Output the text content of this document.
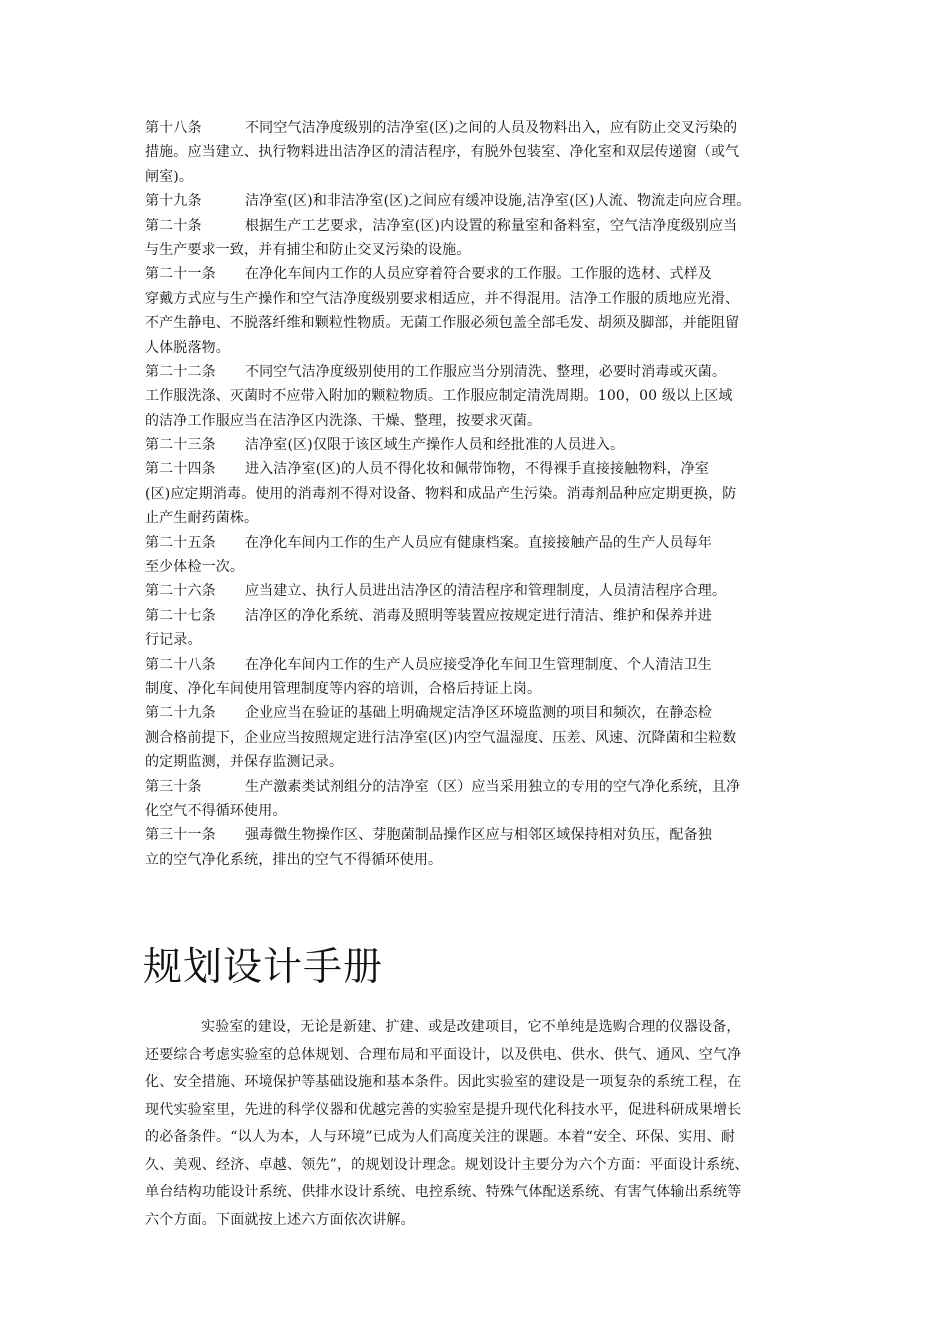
第十八条	不同空气洁净度级别的洁净室(区)之间的人员及物料出入，应有防止交叉污染的
措施。应当建立、执行物料进出洁净区的清洁程序，有脱外包装室、净化室和双层传递窗（或气
闸室)。
第十九条	洁净室(区)和非洁净室(区)之间应有缓冲设施,洁净室(区)人流、物流走向应合理。
第二十条	根据生产工艺要求，洁净室(区)内设置的称量室和备料室，空气洁净度级别应当
与生产要求一致，并有捕尘和防止交叉污染的设施。
第二十一条 在净化车间内工作的人员应穿着符合要求的工作服。工作服的选材、式样及
穿戴方式应与生产操作和空气洁净度级别要求相适应，并不得混用。洁净工作服的质地应光滑、
不产生静电、不脱落纤维和颗粒性物质。无菌工作服必须包盖全部毛发、胡须及脚部，并能阻留
人体脱落物。
第二十二条 不同空气洁净度级别使用的工作服应当分别清洗、整理，必要时消毒或灭菌。
工作服洗涤、灭菌时不应带入附加的颗粒物质。工作服应制定清洗周期。100，00 级以上区域
的洁净工作服应当在洁净区内洗涤、干燥、整理，按要求灭菌。
第二十三条 洁净室(区)仅限于该区域生产操作人员和经批准的人员进入。
第二十四条 进入洁净室(区)的人员不得化妆和佩带饰物，不得裸手直接接触物料，净室
(区)应定期消毒。使用的消毒剂不得对设备、物料和成品产生污染。消毒剂品种应定期更换，防
止产生耐药菌株。
第二十五条 在净化车间内工作的生产人员应有健康档案。直接接触产品的生产人员每年
至少体检一次。
第二十六条 应当建立、执行人员进出洁净区的清洁程序和管理制度，人员清洁程序合理。
第二十七条 洁净区的净化系统、消毒及照明等装置应按规定进行清洁、维护和保养并进
行记录。
第二十八条 在净化车间内工作的生产人员应接受净化车间卫生管理制度、个人清洁卫生
制度、净化车间使用管理制度等内容的培训，合格后持证上岗。
第二十九条 企业应当在验证的基础上明确规定洁净区环境监测的项目和频次，在静态检
测合格前提下，企业应当按照规定进行洁净室(区)内空气温湿度、压差、风速、沉降菌和尘粒数
的定期监测，并保存监测记录。
第三十条	生产激素类试剂组分的洁净室（区）应当采用独立的专用的空气净化系统，且净
化空气不得循环使用。
第三十一条 强毒微生物操作区、芽胞菌制品操作区应与相邻区域保持相对负压，配备独
立的空气净化系统，排出的空气不得循环使用。
规划设计手册
实验室的建设，无论是新建、扩建、或是改建项目，它不单纯是选购合理的仪器设备，
还要综合考虑实验室的总体规划、合理布局和平面设计，以及供电、供水、供气、通风、空气净
化、安全措施、环境保护等基础设施和基本条件。因此实验室的建设是一项复杂的系统工程，在
现代实验室里，先进的科学仪器和优越完善的实验室是提升现代化科技水平，促进科研成果增长
的必备条件。“以人为本，人与环境”已成为人们高度关注的课题。本着“安全、环保、实用、耐
久、美观、经济、卓越、领先”，的规划设计理念。规划设计主要分为六个方面：平面设计系统、
单台结构功能设计系统、供排水设计系统、电控系统、特殊气体配送系统、有害气体输出系统等
六个方面。下面就按上述六方面依次讲解。
